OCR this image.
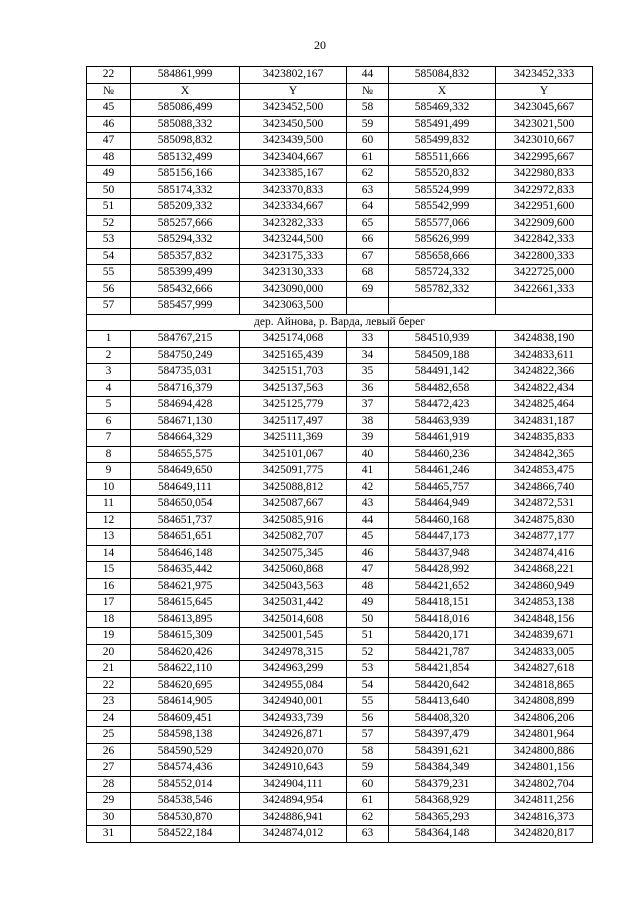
20
22	584861,999	3423802,167	44	585084,832	3423452,333
№	X	Y	№	X	Y
45	585086,499	3423452,500	58	585469,332	3423045,667
46	585088,332	3423450,500	59	585491,499	3423021,500
47	585098,832	3423439,500	60	585499,832	3423010,667
48	585132,499	3423404,667	61	585511,666	3422995,667
49	585156,166	3423385,167	62	585520,832	3422980,833
50	585174,332	3423370,833	63	585524,999	3422972,833
51	585209,332	3423334,667	64	585542,999	3422951,600
52	585257,666	3423282,333	65	585577,066	3422909,600
53	585294,332	3423244,500	66	585626,999	3422842,333
54	585357,832	3423175,333	67	585658,666	3422800,333
55	585399,499	3423130,333	68	585724,332	3422725,000
56	585432,666	3423090,000	69	585782,332	3422661,333
57	585457,999	3423063,500			
дер. Айнова, р. Варда, левый берег					
1	584767,215	3425174,068	33	584510,939	3424838,190
2	584750,249	3425165,439	34	584509,188	3424833,611
3	584735,031	3425151,703	35	584491,142	3424822,366
4	584716,379	3425137,563	36	584482,658	3424822,434
5	584694,428	3425125,779	37	584472,423	3424825,464
6	584671,130	3425117,497	38	584463,939	3424831,187
7	584664,329	3425111,369	39	584461,919	3424835,833
8	584655,575	3425101,067	40	584460,236	3424842,365
9	584649,650	3425091,775	41	584461,246	3424853,475
10	584649,111	3425088,812	42	584465,757	3424866,740
11	584650,054	3425087,667	43	584464,949	3424872,531
12	584651,737	3425085,916	44	584460,168	3424875,830
13	584651,651	3425082,707	45	584447,173	3424877,177
14	584646,148	3425075,345	46	584437,948	3424874,416
15	584635,442	3425060,868	47	584428,992	3424868,221
16	584621,975	3425043,563	48	584421,652	3424860,949
17	584615,645	3425031,442	49	584418,151	3424853,138
18	584613,895	3425014,608	50	584418,016	3424848,156
19	584615,309	3425001,545	51	584420,171	3424839,671
20	584620,426	3424978,315	52	584421,787	3424833,005
21	584622,110	3424963,299	53	584421,854	3424827,618
22	584620,695	3424955,084	54	584420,642	3424818,865
23	584614,905	3424940,001	55	584413,640	3424808,899
24	584609,451	3424933,739	56	584408,320	3424806,206
25	584598,138	3424926,871	57	584397,479	3424801,964
26	584590,529	3424920,070	58	584391,621	3424800,886
27	584574,436	3424910,643	59	584384,349	3424801,156
28	584552,014	3424904,111	60	584379,231	3424802,704
29	584538,546	3424894,954	61	584368,929	3424811,256
30	584530,870	3424886,941	62	584365,293	3424816,373
31	584522,184	3424874,012	63	584364,148	3424820,817
